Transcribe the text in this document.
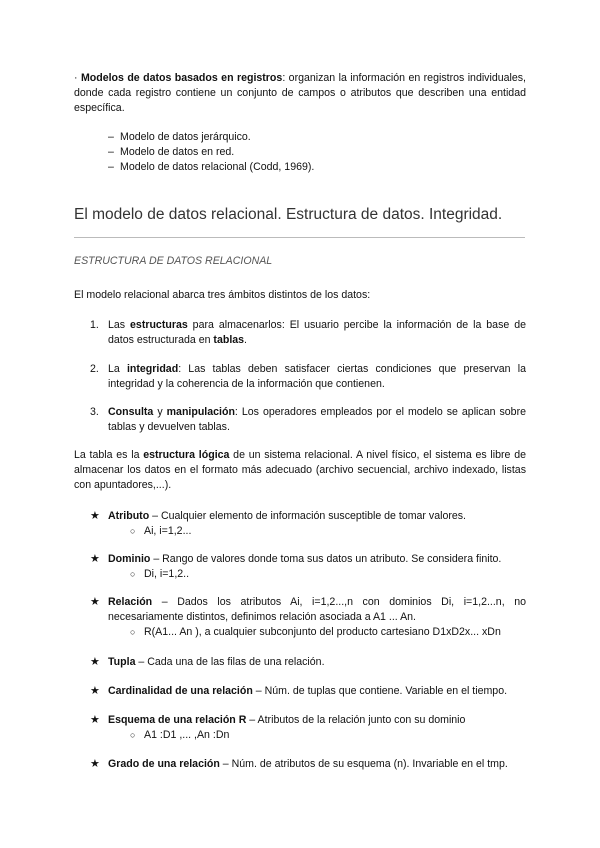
· Modelos de datos basados en registros: organizan la información en registros individuales, donde cada registro contiene un conjunto de campos o atributos que describen una entidad específica.
– Modelo de datos jerárquico.
– Modelo de datos en red.
– Modelo de datos relacional (Codd, 1969).
El modelo de datos relacional. Estructura de datos. Integridad.
ESTRUCTURA DE DATOS RELACIONAL
El modelo relacional abarca tres ámbitos distintos de los datos:
1. Las estructuras para almacenarlos: El usuario percibe la información de la base de datos estructurada en tablas.
2. La integridad: Las tablas deben satisfacer ciertas condiciones que preservan la integridad y la coherencia de la información que contienen.
3. Consulta y manipulación: Los operadores empleados por el modelo se aplican sobre tablas y devuelven tablas.
La tabla es la estructura lógica de un sistema relacional. A nivel físico, el sistema es libre de almacenar los datos en el formato más adecuado (archivo secuencial, archivo indexado, listas con apuntadores,...).
★ Atributo – Cualquier elemento de información susceptible de tomar valores.
○ Ai, i=1,2...
★ Dominio – Rango de valores donde toma sus datos un atributo. Se considera finito.
○ Di, i=1,2..
★ Relación – Dados los atributos Ai, i=1,2...,n con dominios Di, i=1,2...n, no necesariamente distintos, definimos relación asociada a A1 ... An.
○ R(A1... An ), a cualquier subconjunto del producto cartesiano D1xD2x... xDn
★ Tupla – Cada una de las filas de una relación.
★ Cardinalidad de una relación – Núm. de tuplas que contiene. Variable en el tiempo.
★ Esquema de una relación R – Atributos de la relación junto con su dominio
○ A1 :D1 ,... ,An :Dn
★ Grado de una relación – Núm. de atributos de su esquema (n). Invariable en el tmp.
